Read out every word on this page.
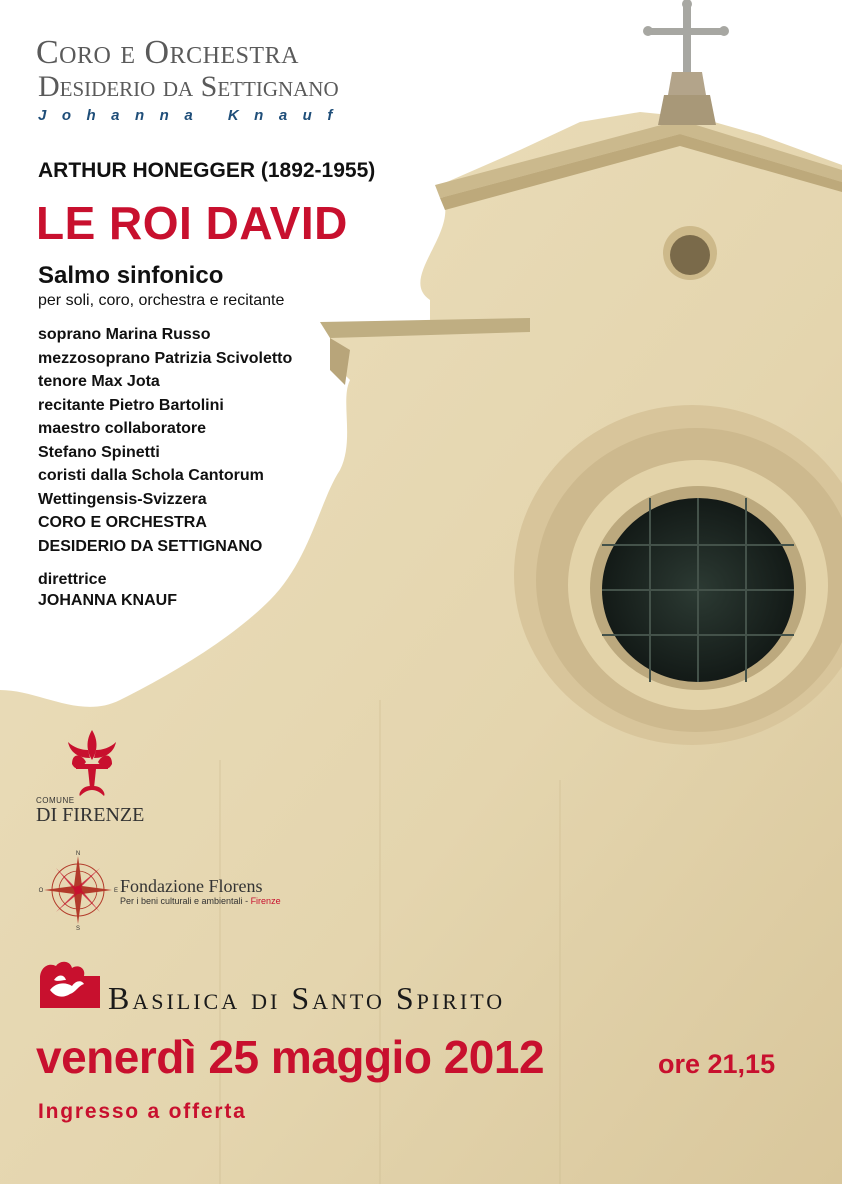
Coro e Orchestra
Desiderio da Settignano
Johanna Knauf
ARTHUR HONEGGER (1892-1955)
LE ROI DAVID
Salmo sinfonico
per soli, coro, orchestra e recitante
soprano Marina Russo
mezzosoprano Patrizia Scivoletto
tenore Max Jota
recitante Pietro Bartolini
maestro collaboratore
Stefano Spinetti
coristi dalla Schola Cantorum
Wettingensis-Svizzera
CORO E ORCHESTRA
DESIDERIO DA SETTIGNANO
direttrice
JOHANNA KNAUF
COMUNE
DI FIRENZE
N
S
E
O	Fondazione Florens
Per i beni culturali e ambientali - Firenze
Basilica di Santo Spirito
venerdì 25 maggio 2012	ore 21,15
Ingresso a offerta
